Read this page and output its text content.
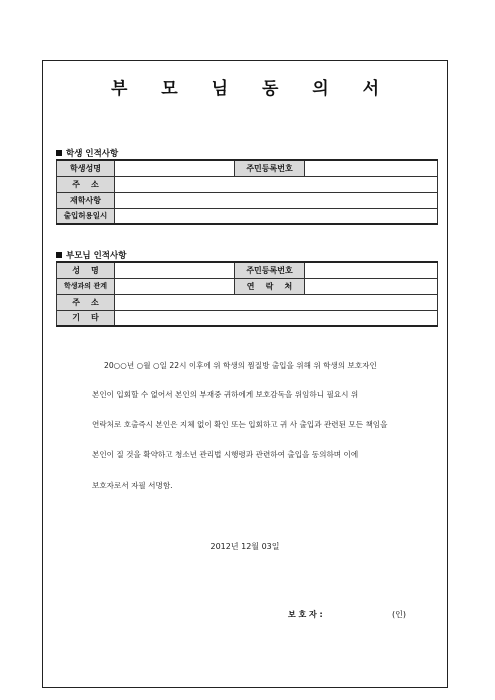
부 모 님 동 의 서
학생 인적사항
학생성명		주민등록번호	
주    소			
재학사항			
출입허용일시			
부모님 인적사항
성    명		주민등록번호	
학생과의 관계		연    락    처	
주    소			
기    타			
20○○년 ○월 ○일 22시 이후에 위 학생의 찜질방 출입을 위해 위 학생의 보호자인
본인이 입회할 수 없어서 본인의 부재중 귀하에게 보호감독을 위임하니 필요시 위
연락처로 호출즉시 본인은 지체 없이 확인 또는 입회하고 귀 사 출입과 관련된 모든 책임을
본인이 질 것을 확약하고 청소년 관리법 시행령과 관련하여 출입을 동의하며 이에
보호자로서 자필 서명함.
2012년 12월 03일
보 호 자 :	(인)
